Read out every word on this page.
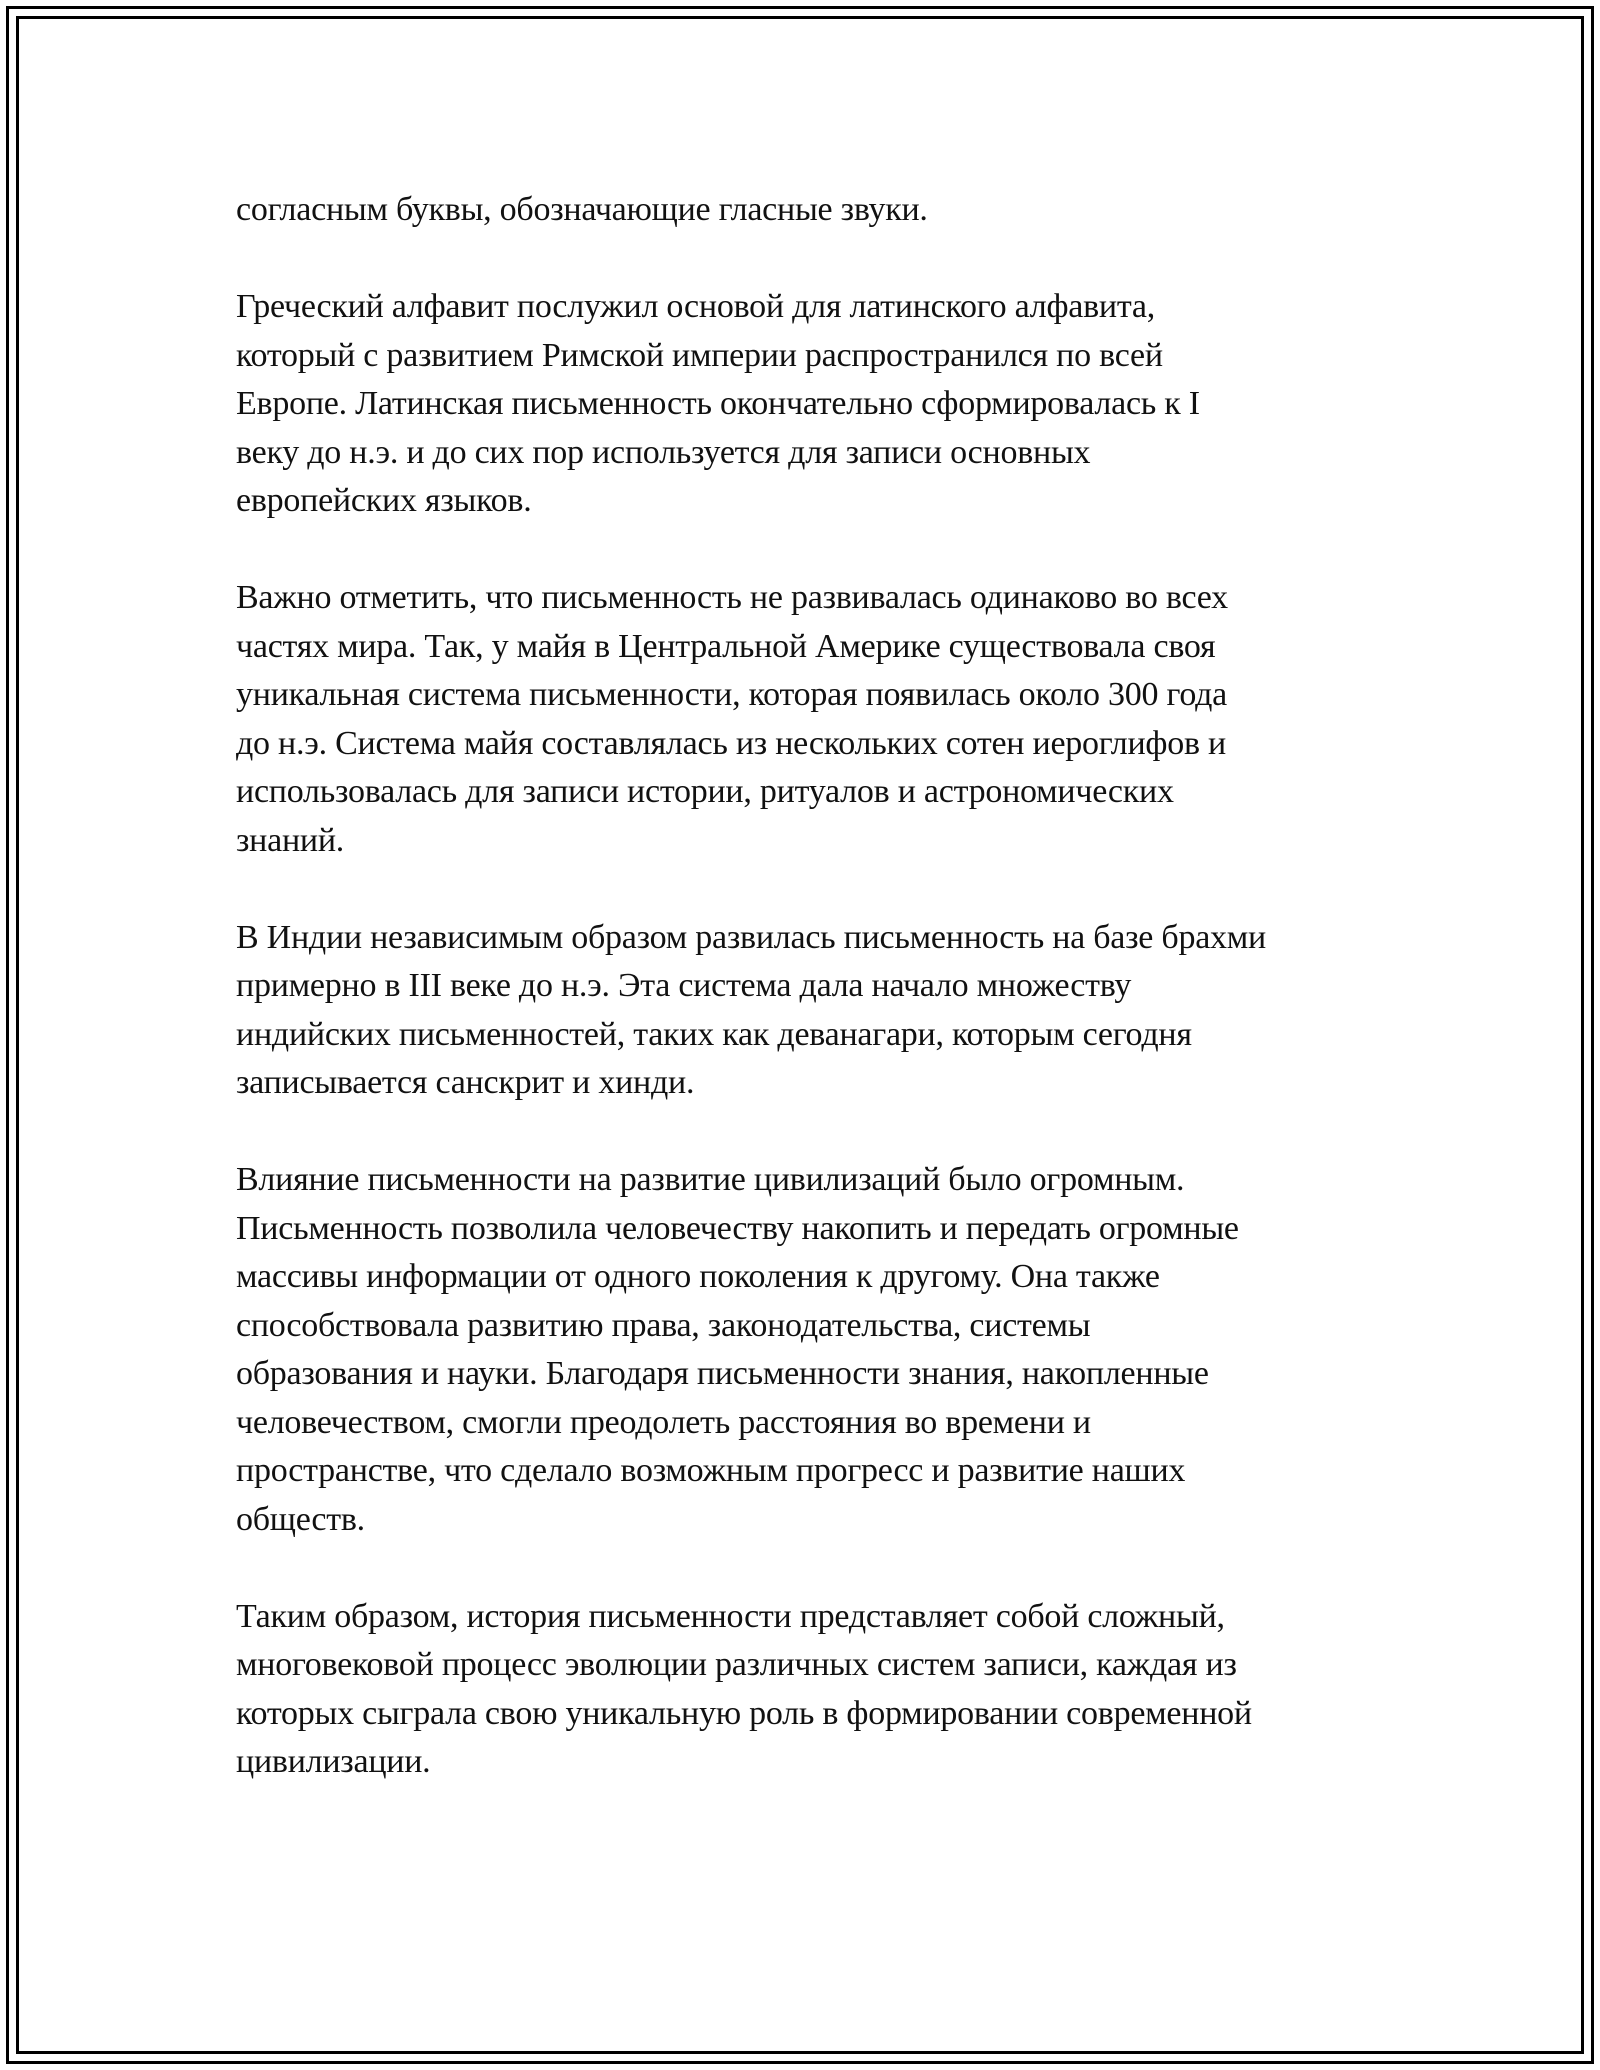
согласным буквы, обозначающие гласные звуки.

Греческий алфавит послужил основой для латинского алфавита,
который с развитием Римской империи распространился по всей
Европе. Латинская письменность окончательно сформировалась к I
веку до н.э. и до сих пор используется для записи основных
европейских языков.

Важно отметить, что письменность не развивалась одинаково во всех
частях мира. Так, у майя в Центральной Америке существовала своя
уникальная система письменности, которая появилась около 300 года
до н.э. Система майя составлялась из нескольких сотен иероглифов и
использовалась для записи истории, ритуалов и астрономических
знаний.

В Индии независимым образом развилась письменность на базе брахми
примерно в III веке до н.э. Эта система дала начало множеству
индийских письменностей, таких как деванагари, которым сегодня
записывается санскрит и хинди.

Влияние письменности на развитие цивилизаций было огромным.
Письменность позволила человечеству накопить и передать огромные
массивы информации от одного поколения к другому. Она также
способствовала развитию права, законодательства, системы
образования и науки. Благодаря письменности знания, накопленные
человечеством, смогли преодолеть расстояния во времени и
пространстве, что сделало возможным прогресс и развитие наших
обществ.

Таким образом, история письменности представляет собой сложный,
многовековой процесс эволюции различных систем записи, каждая из
которых сыграла свою уникальную роль в формировании современной
цивилизации.
